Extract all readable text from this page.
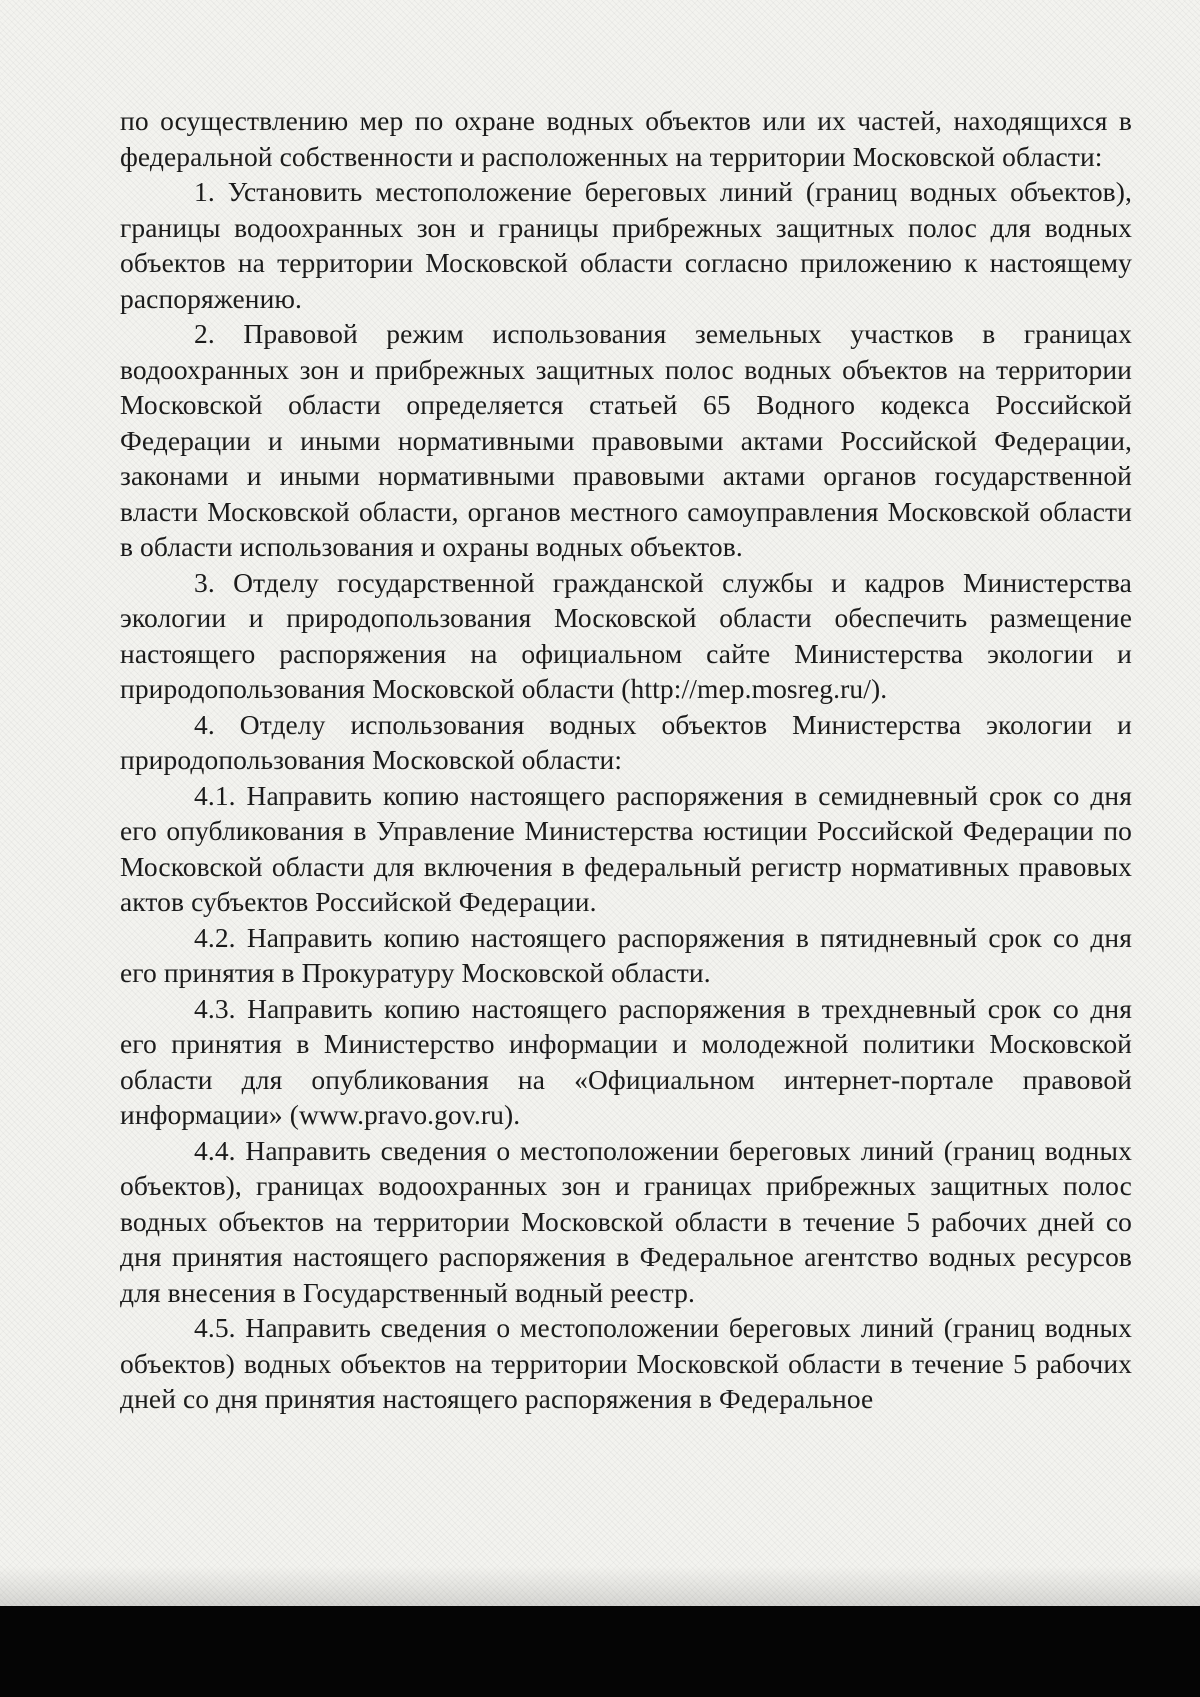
по осуществлению мер по охране водных объектов или их частей, находящихся в федеральной собственности и расположенных на территории Московской области:

1. Установить местоположение береговых линий (границ водных объектов), границы водоохранных зон и границы прибрежных защитных полос для водных объектов на территории Московской области согласно приложению к настоящему распоряжению.

2. Правовой режим использования земельных участков в границах водоохранных зон и прибрежных защитных полос водных объектов на территории Московской области определяется статьей 65 Водного кодекса Российской Федерации и иными нормативными правовыми актами Российской Федерации, законами и иными нормативными правовыми актами органов государственной власти Московской области, органов местного самоуправления Московской области в области использования и охраны водных объектов.

3. Отделу государственной гражданской службы и кадров Министерства экологии и природопользования Московской области обеспечить размещение настоящего распоряжения на официальном сайте Министерства экологии и природопользования Московской области (http://mep.mosreg.ru/).

4. Отделу использования водных объектов Министерства экологии и природопользования Московской области:

4.1. Направить копию настоящего распоряжения в семидневный срок со дня его опубликования в Управление Министерства юстиции Российской Федерации по Московской области для включения в федеральный регистр нормативных правовых актов субъектов Российской Федерации.

4.2. Направить копию настоящего распоряжения в пятидневный срок со дня его принятия в Прокуратуру Московской области.

4.3. Направить копию настоящего распоряжения в трехдневный срок со дня его принятия в Министерство информации и молодежной политики Московской области для опубликования на «Официальном интернет-портале правовой информации» (www.pravo.gov.ru).

4.4. Направить сведения о местоположении береговых линий (границ водных объектов), границах водоохранных зон и границах прибрежных защитных полос водных объектов на территории Московской области в течение 5 рабочих дней со дня принятия настоящего распоряжения в Федеральное агентство водных ресурсов для внесения в Государственный водный реестр.

4.5. Направить сведения о местоположении береговых линий (границ водных объектов) водных объектов на территории Московской области в течение 5 рабочих дней со дня принятия настоящего распоряжения в Федеральное
